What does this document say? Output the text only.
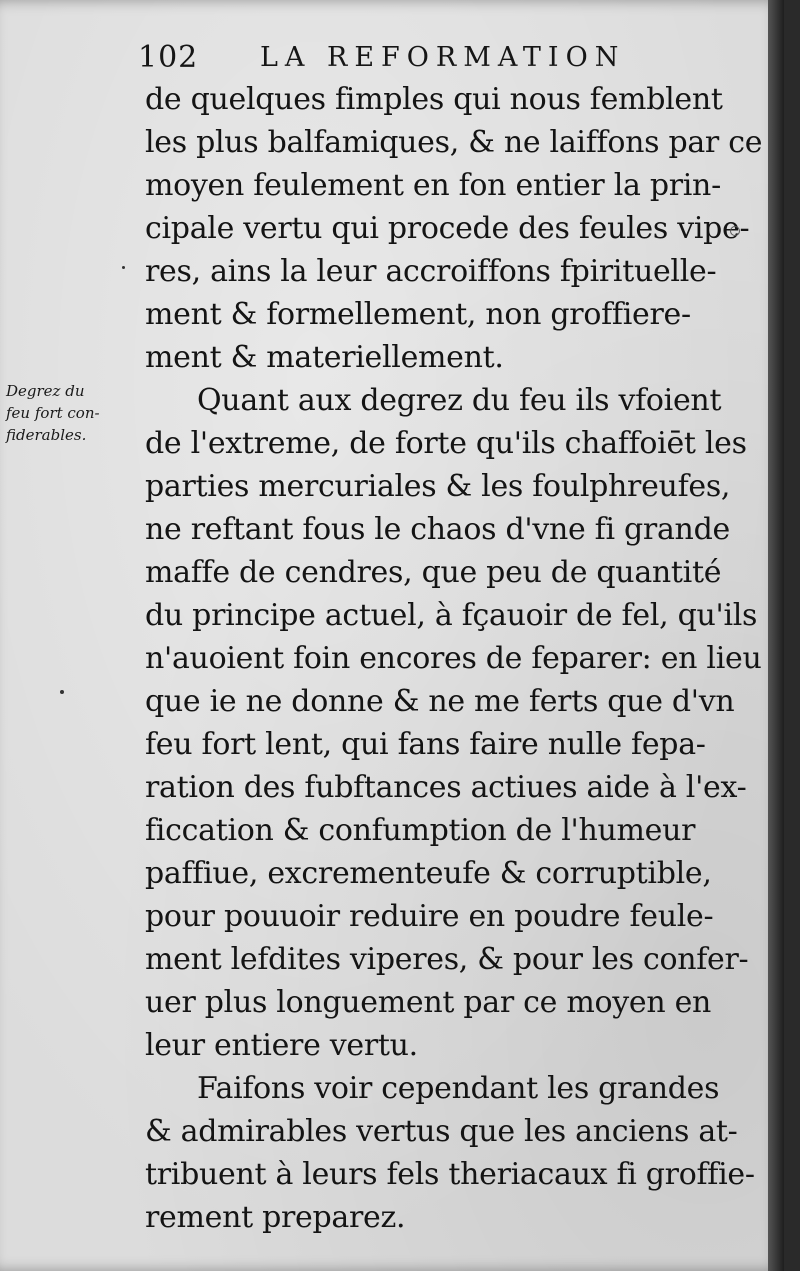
102 LA REFORMATION
Degrez du
feu fort con-
fiderables.
de quelques fimples qui nous femblent
les plus balfamiques, & ne laiffons par ce
moyen feulement en fon entier la prin-
cipale vertu qui procede des feules vipe-
res, ains la leur accroiffons fpirituelle-
ment & formellement, non groffiere-
ment & materiellement.
Quant aux degrez du feu ils vfoient
de l'extreme, de forte qu'ils chaffoiēt les
parties mercuriales & les foulphreufes,
ne reftant fous le chaos d'vne fi grande
maffe de cendres, que peu de quantité
du principe actuel, à fçauoir de fel, qu'ils
n'auoient foin encores de feparer: en lieu
que ie ne donne & ne me ferts que d'vn
feu fort lent, qui fans faire nulle fepa-
ration des fubftances actiues aide à l'ex-
ficcation & confumption de l'humeur
paffiue, excrementeufe & corruptible,
pour pouuoir reduire en poudre feule-
ment lefdites viperes, & pour les confer-
uer plus longuement par ce moyen en
leur entiere vertu.
Faifons voir cependant les grandes
& admirables vertus que les anciens at-
tribuent à leurs fels theriacaux fi groffie-
rement preparez.
